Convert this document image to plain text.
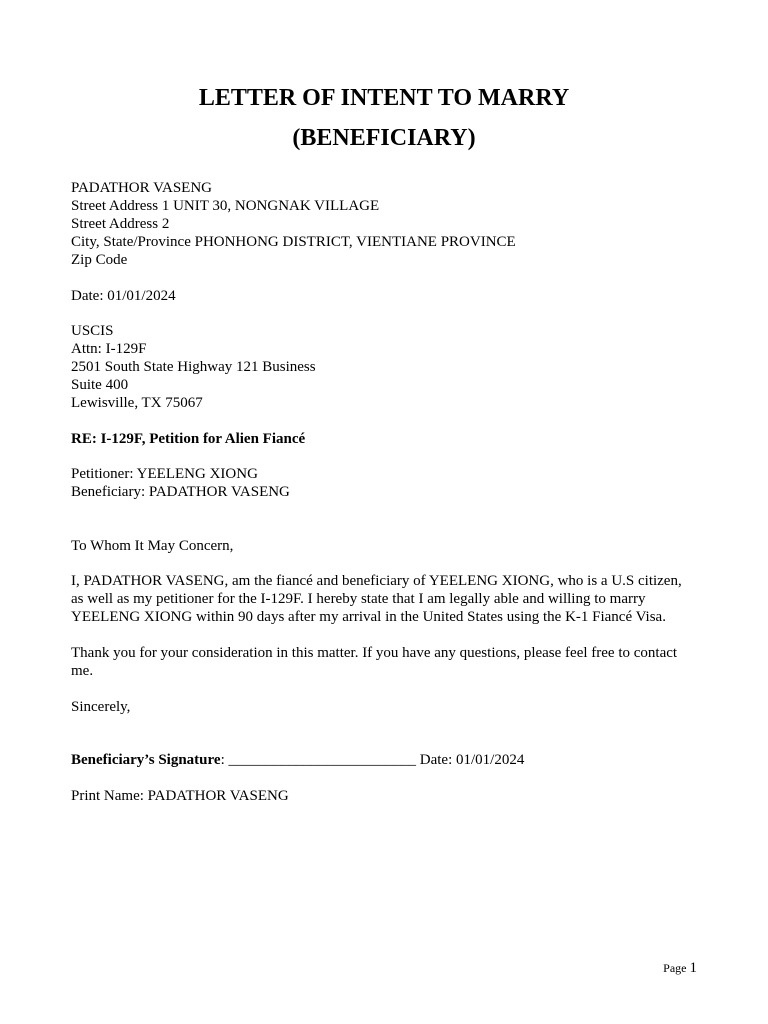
LETTER OF INTENT TO MARRY
(BENEFICIARY)
PADATHOR VASENG
Street Address 1 UNIT 30, NONGNAK VILLAGE
Street Address 2
City, State/Province PHONHONG DISTRICT, VIENTIANE PROVINCE
Zip Code
Date: 01/01/2024
USCIS
Attn: I-129F
2501 South State Highway 121 Business
Suite 400
Lewisville, TX 75067
RE: I-129F, Petition for Alien Fiancé
Petitioner: YEELENG XIONG
Beneficiary: PADATHOR VASENG
To Whom It May Concern,
I, PADATHOR VASENG, am the fiancé and beneficiary of YEELENG XIONG, who is a U.S citizen, as well as my petitioner for the I-129F. I hereby state that I am legally able and willing to marry YEELENG XIONG within 90 days after my arrival in the United States using the K-1 Fiancé Visa.
Thank you for your consideration in this matter. If you have any questions, please feel free to contact me.
Sincerely,
Beneficiary’s Signature: _________________________ Date: 01/01/2024
Print Name: PADATHOR VASENG
Page 1
